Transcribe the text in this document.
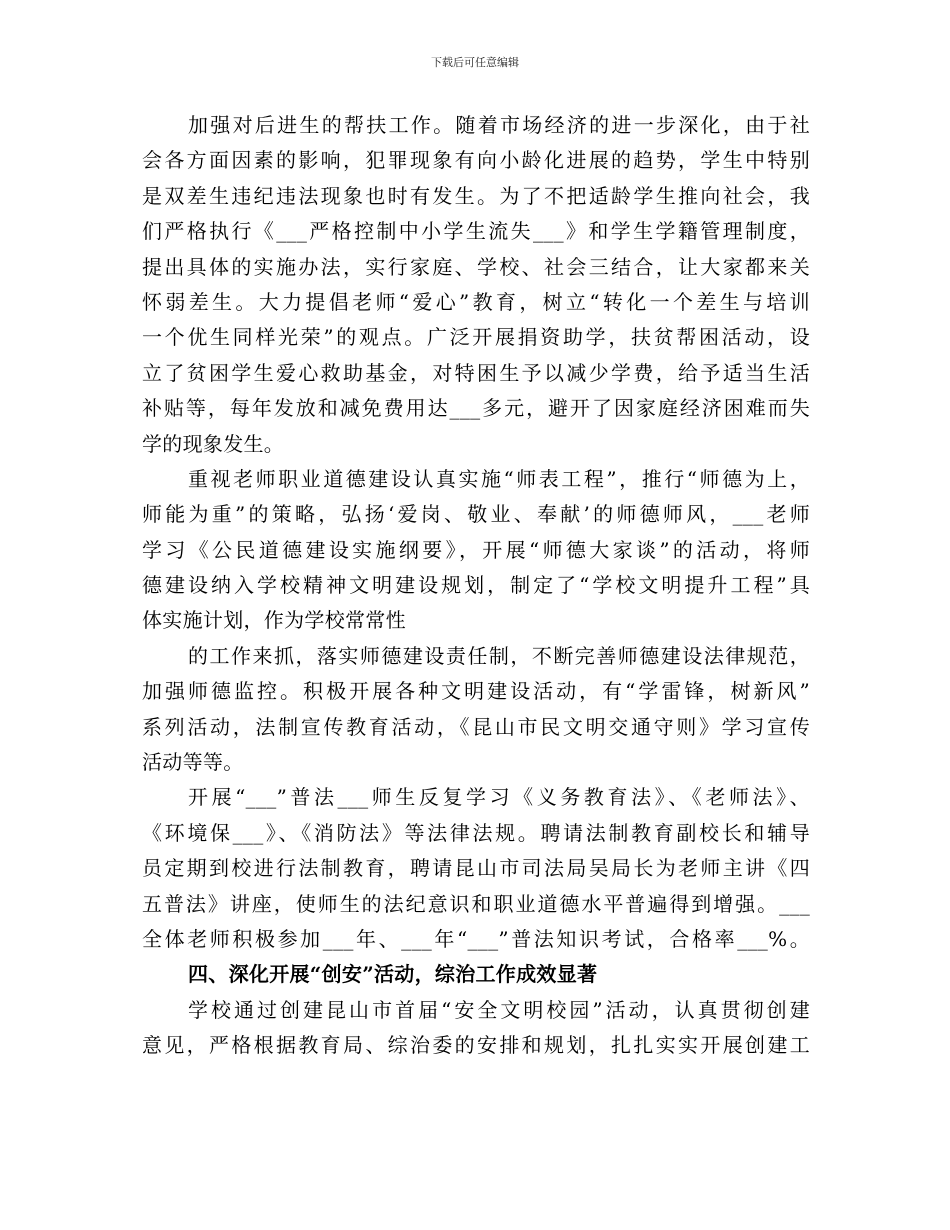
下载后可任意编辑
加强对后进生的帮扶工作。随着市场经济的进一步深化，由于社
会各方面因素的影响，犯罪现象有向小龄化进展的趋势，学生中特别
是双差生违纪违法现象也时有发生。为了不把适龄学生推向社会，我
们严格执行《___严格控制中小学生流失___》和学生学籍管理制度，
提出具体的实施办法，实行家庭、学校、社会三结合，让大家都来关
怀弱差生。大力提倡老师“爱心”教育，树立“转化一个差生与培训
一个优生同样光荣”的观点。广泛开展捐资助学，扶贫帮困活动，设
立了贫困学生爱心救助基金，对特困生予以减少学费，给予适当生活
补贴等，每年发放和减免费用达___多元，避开了因家庭经济困难而失
学的现象发生。
重视老师职业道德建设认真实施“师表工程”，推行“师德为上，
师能为重”的策略，弘扬‘爱岗、敬业、奉献’的师德师风，___老师
学习《公民道德建设实施纲要》，开展“师德大家谈”的活动，将师
德建设纳入学校精神文明建设规划，制定了“学校文明提升工程”具
体实施计划，作为学校常常性
的工作来抓，落实师德建设责任制，不断完善师德建设法律规范，
加强师德监控。积极开展各种文明建设活动，有“学雷锋，树新风”
系列活动，法制宣传教育活动，《昆山市民文明交通守则》学习宣传
活动等等。
开展“___”普法___师生反复学习《义务教育法》、《老师法》、
《环境保___》、《消防法》等法律法规。聘请法制教育副校长和辅导
员定期到校进行法制教育，聘请昆山市司法局吴局长为老师主讲《四
五普法》讲座，使师生的法纪意识和职业道德水平普遍得到增强。___
全体老师积极参加___年、___年“___”普法知识考试，合格率___%。
四、深化开展“创安”活动，综治工作成效显著
学校通过创建昆山市首届“安全文明校园”活动，认真贯彻创建
意见，严格根据教育局、综治委的安排和规划，扎扎实实开展创建工
